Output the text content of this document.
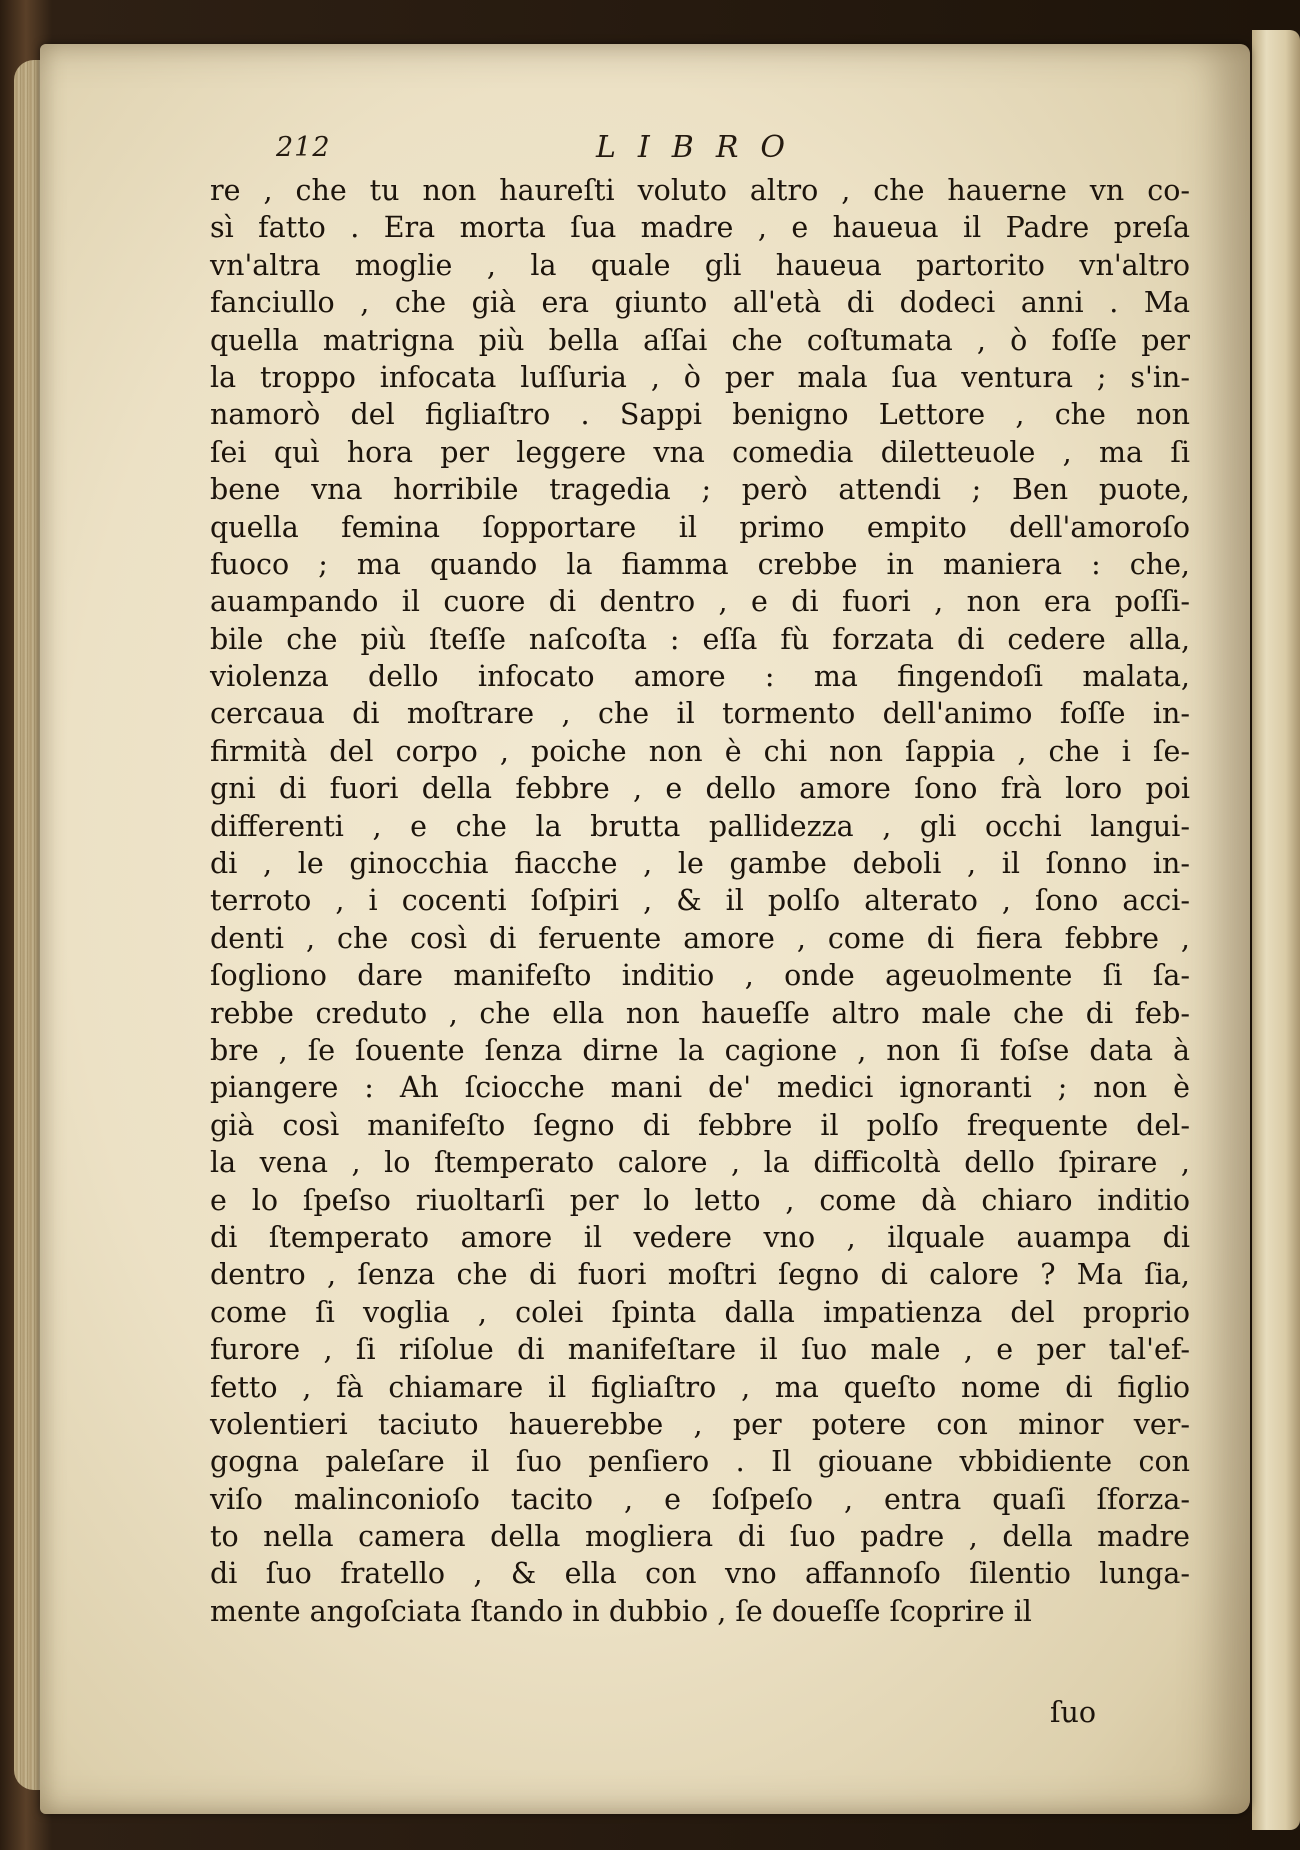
212	LIBRO
re , che tu non haureſti voluto altro , che hauerne vn co-
sì fatto . Era morta ſua madre , e haueua il Padre preſa
vn'altra moglie , la quale gli haueua partorito vn'altro
fanciullo , che già era giunto all'età di dodeci anni . Ma
quella matrigna più bella aſſai che coſtumata , ò foſſe per
la troppo infocata luſſuria , ò per mala ſua ventura ; s'in-
namorò del figliaſtro . Sappi benigno Lettore , che non
ſei quì hora per leggere vna comedia diletteuole , ma ſi
bene vna horribile tragedia ; però attendi ; Ben puote,
quella femina ſopportare il primo empito dell'amoroſo
fuoco ; ma quando la fiamma crebbe in maniera : che,
auampando il cuore di dentro , e di fuori , non era poſſi-
bile che più ſteſſe naſcoſta : eſſa fù forzata di cedere alla,
violenza dello infocato amore : ma fingendoſi malata,
cercaua di moſtrare , che il tormento dell'animo foſſe in-
firmità del corpo , poiche non è chi non ſappia , che i ſe-
gni di fuori della febbre , e dello amore ſono frà loro poi
differenti , e che la brutta pallidezza , gli occhi langui-
di , le ginocchia fiacche , le gambe deboli , il ſonno in-
terroto , i cocenti ſoſpiri , & il polſo alterato , ſono acci-
denti , che così di feruente amore , come di fiera febbre ,
ſogliono dare manifeſto inditio , onde ageuolmente ſi ſa-
rebbe creduto , che ella non haueſſe altro male che di feb-
bre , ſe ſouente ſenza dirne la cagione , non ſi foſse data à
piangere : Ah ſciocche mani de' medici ignoranti ; non è
già così manifeſto ſegno di febbre il polſo frequente del-
la vena , lo ſtemperato calore , la difficoltà dello ſpirare ,
e lo ſpeſso riuoltarſi per lo letto , come dà chiaro inditio
di ſtemperato amore il vedere vno , ilquale auampa di
dentro , ſenza che di fuori moſtri ſegno di calore ? Ma ſia,
come ſi voglia , colei ſpinta dalla impatienza del proprio
furore , ſi riſolue di manifeſtare il ſuo male , e per tal'ef-
fetto , fà chiamare il figliaſtro , ma queſto nome di figlio
volentieri taciuto hauerebbe , per potere con minor ver-
gogna paleſare il ſuo penſiero . Il giouane vbbidiente con
viſo malinconioſo tacito , e ſoſpeſo , entra quaſi ſforza-
to nella camera della mogliera di ſuo padre , della madre
di ſuo fratello , & ella con vno affannoſo ſilentio lunga-
mente angoſciata ſtando in dubbio , ſe doueſſe ſcoprire il
ſuo
